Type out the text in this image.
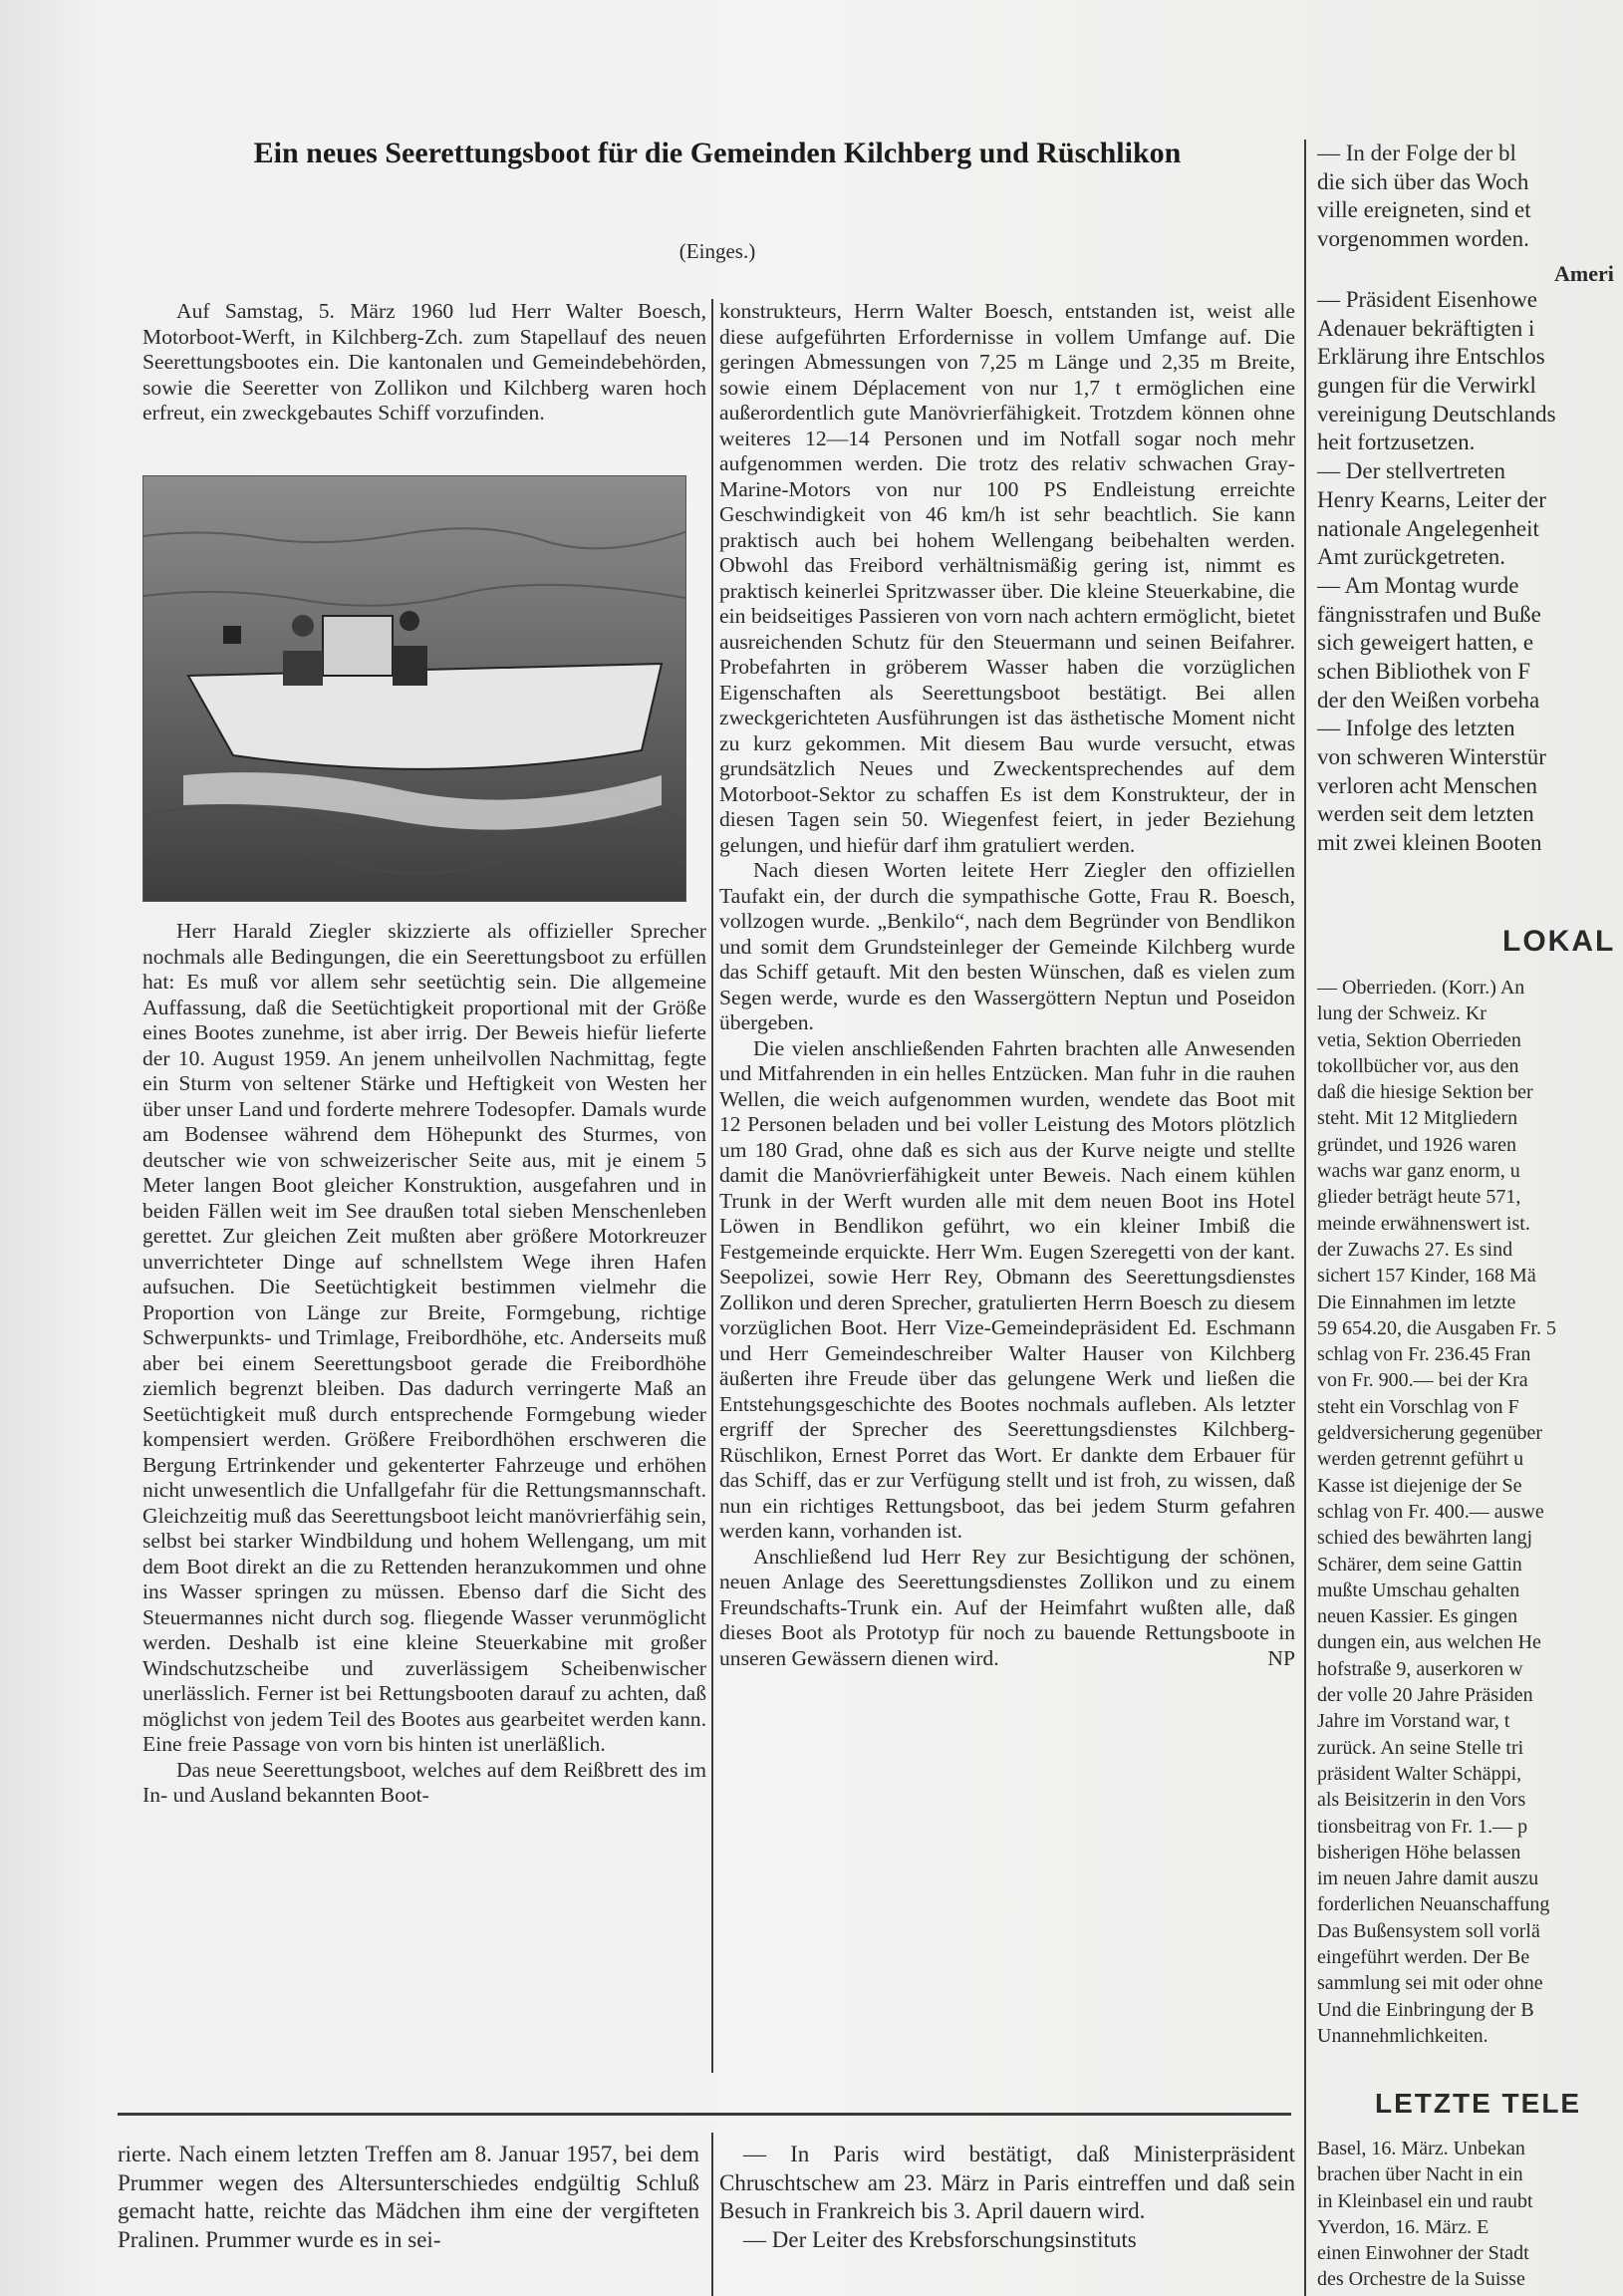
Ein neues Seerettungsboot für die Gemeinden Kilchberg und Rüschlikon
(Einges.)

Auf Samstag, 5. März 1960 lud Herr Walter Boesch, Motorboot-Werft, in Kilchberg-Zch. zum Stapellauf des neuen Seerettungsbootes ein. Die kantonalen und Gemeindebehörden, sowie die Seeretter von Zollikon und Kilchberg waren hoch erfreut, ein zweckgebautes Schiff vorzufinden.

Herr Harald Ziegler skizzierte als offizieller Sprecher nochmals alle Bedingungen, die ein Seerettungsboot zu erfüllen hat: Es muß vor allem sehr seetüchtig sein. Die allgemeine Auffassung, daß die Seetüchtigkeit proportional mit der Größe eines Bootes zunehme, ist aber irrig. Der Beweis hiefür lieferte der 10. August 1959. An jenem unheilvollen Nachmittag, fegte ein Sturm von seltener Stärke und Heftigkeit von Westen her über unser Land und forderte mehrere Todesopfer. Damals wurde am Bodensee während dem Höhepunkt des Sturmes, von deutscher wie von schweizerischer Seite aus, mit je einem 5 Meter langen Boot gleicher Konstruktion, ausgefahren und in beiden Fällen weit im See draußen total sieben Menschenleben gerettet. Zur gleichen Zeit mußten aber größere Motorkreuzer unverrichteter Dinge auf schnellstem Wege ihren Hafen aufsuchen. Die Seetüchtigkeit bestimmen vielmehr die Proportion von Länge zur Breite, Formgebung, richtige Schwerpunkts- und Trimlage, Freibordhöhe, etc. Anderseits muß aber bei einem Seerettungsboot gerade die Freibordhöhe ziemlich begrenzt bleiben. Das dadurch verringerte Maß an Seetüchtigkeit muß durch entsprechende Formgebung wieder kompensiert werden. Größere Freibordhöhen erschweren die Bergung Ertrinkender und gekenterter Fahrzeuge und erhöhen nicht unwesentlich die Unfallgefahr für die Rettungsmannschaft. Gleichzeitig muß das Seerettungsboot leicht manövrierfähig sein, selbst bei starker Windbildung und hohem Wellengang, um mit dem Boot direkt an die zu Rettenden heranzukommen und ohne ins Wasser springen zu müssen. Ebenso darf die Sicht des Steuermannes nicht durch sog. fliegende Wasser verunmöglicht werden. Deshalb ist eine kleine Steuerkabine mit großer Windschutzscheibe und zuverlässigem Scheibenwischer unerlässlich. Ferner ist bei Rettungsbooten darauf zu achten, daß möglichst von jedem Teil des Bootes aus gearbeitet werden kann. Eine freie Passage von vorn bis hinten ist unerläßlich.

Das neue Seerettungsboot, welches auf dem Reißbrett des im In- und Ausland bekannten Boot-

konstrukteurs, Herrn Walter Boesch, entstanden ist, weist alle diese aufgeführten Erfordernisse in vollem Umfange auf. Die geringen Abmessungen von 7,25 m Länge und 2,35 m Breite, sowie einem Déplacement von nur 1,7 t ermöglichen eine außerordentlich gute Manövrierfähigkeit. Trotzdem können ohne weiteres 12—14 Personen und im Notfall sogar noch mehr aufgenommen werden. Die trotz des relativ schwachen Gray-Marine-Motors von nur 100 PS Endleistung erreichte Geschwindigkeit von 46 km/h ist sehr beachtlich. Sie kann praktisch auch bei hohem Wellengang beibehalten werden. Obwohl das Freibord verhältnismäßig gering ist, nimmt es praktisch keinerlei Spritzwasser über. Die kleine Steuerkabine, die ein beidseitiges Passieren von vorn nach achtern ermöglicht, bietet ausreichenden Schutz für den Steuermann und seinen Beifahrer. Probefahrten in gröberem Wasser haben die vorzüglichen Eigenschaften als Seerettungsboot bestätigt. Bei allen zweckgerichteten Ausführungen ist das ästhetische Moment nicht zu kurz gekommen. Mit diesem Bau wurde versucht, etwas grundsätzlich Neues und Zweckentsprechendes auf dem Motorboot-Sektor zu schaffen Es ist dem Konstrukteur, der in diesen Tagen sein 50. Wiegenfest feiert, in jeder Beziehung gelungen, und hiefür darf ihm gratuliert werden.

Nach diesen Worten leitete Herr Ziegler den offiziellen Taufakt ein, der durch die sympathische Gotte, Frau R. Boesch, vollzogen wurde. „Benkilo“, nach dem Begründer von Bendlikon und somit dem Grundsteinleger der Gemeinde Kilchberg wurde das Schiff getauft. Mit den besten Wünschen, daß es vielen zum Segen werde, wurde es den Wassergöttern Neptun und Poseidon übergeben.

Die vielen anschließenden Fahrten brachten alle Anwesenden und Mitfahrenden in ein helles Entzücken. Man fuhr in die rauhen Wellen, die weich aufgenommen wurden, wendete das Boot mit 12 Personen beladen und bei voller Leistung des Motors plötzlich um 180 Grad, ohne daß es sich aus der Kurve neigte und stellte damit die Manövrierfähigkeit unter Beweis. Nach einem kühlen Trunk in der Werft wurden alle mit dem neuen Boot ins Hotel Löwen in Bendlikon geführt, wo ein kleiner Imbiß die Festgemeinde erquickte. Herr Wm. Eugen Szeregetti von der kant. Seepolizei, sowie Herr Rey, Obmann des Seerettungsdienstes Zollikon und deren Sprecher, gratulierten Herrn Boesch zu diesem vorzüglichen Boot. Herr Vize-Gemeindepräsident Ed. Eschmann und Herr Gemeindeschreiber Walter Hauser von Kilchberg äußerten ihre Freude über das gelungene Werk und ließen die Entstehungsgeschichte des Bootes nochmals aufleben. Als letzter ergriff der Sprecher des Seerettungsdienstes Kilchberg-Rüschlikon, Ernest Porret das Wort. Er dankte dem Erbauer für das Schiff, das er zur Verfügung stellt und ist froh, zu wissen, daß nun ein richtiges Rettungsboot, das bei jedem Sturm gefahren werden kann, vorhanden ist.

Anschließend lud Herr Rey zur Besichtigung der schönen, neuen Anlage des Seerettungsdienstes Zollikon und zu einem Freundschafts-Trunk ein. Auf der Heimfahrt wußten alle, daß dieses Boot als Prototyp für noch zu bauende Rettungsboote in unseren Gewässern dienen wird.	NP

— In der Folge der bl
die sich über das Woch
ville ereigneten, sind et
vorgenommen worden.
Ameri
— Präsident Eisenhowe
Adenauer bekräftigten i
Erklärung ihre Entschlos
gungen für die Verwirkl
vereinigung Deutschlands
heit fortzusetzen.
— Der stellvertreten
Henry Kearns, Leiter der
nationale Angelegenheit
Amt zurückgetreten.
— Am Montag wurde
fängnisstrafen und Buße
sich geweigert hatten, e
schen Bibliothek von F
der den Weißen vorbeha
— Infolge des letzten
von schweren Winterstür
verloren acht Menschen
werden seit dem letzten
mit zwei kleinen Booten
LOKAL
— Oberrieden. (Korr.) An
lung der Schweiz. Kr
vetia, Sektion Oberrieden
tokollbücher vor, aus den
daß die hiesige Sektion ber
steht. Mit 12 Mitgliedern
gründet, und 1926 waren
wachs war ganz enorm, u
glieder beträgt heute 571,
meinde erwähnenswert ist.
der Zuwachs 27. Es sind
sichert 157 Kinder, 168 Mä
Die Einnahmen im letzte
59 654.20, die Ausgaben Fr. 5
schlag von Fr. 236.45 Fran
von Fr. 900.— bei der Kra
steht ein Vorschlag von F
geldversicherung gegenüber
werden getrennt geführt u
Kasse ist diejenige der Se
schlag von Fr. 400.— auswe
schied des bewährten langj
Schärer, dem seine Gattin
mußte Umschau gehalten
neuen Kassier. Es gingen
dungen ein, aus welchen He
hofstraße 9, auserkoren w
der volle 20 Jahre Präsiden
Jahre im Vorstand war, t
zurück. An seine Stelle tri
präsident Walter Schäppi,
als Beisitzerin in den Vors
tionsbeitrag von Fr. 1.— p
bisherigen Höhe belassen
im neuen Jahre damit auszu
forderlichen Neuanschaffung
Das Bußensystem soll vorlä
eingeführt werden. Der Be
sammlung sei mit oder ohne
Und die Einbringung der B
Unannehmlichkeiten.
LETZTE TELE
Basel, 16. März. Unbekan
brachen über Nacht in ein
in Kleinbasel ein und raubt
Yverdon, 16. März. E
einen Einwohner der Stadt
des Orchestre de la Suisse

rierte. Nach einem letzten Treffen am 8. Januar 1957, bei dem Prummer wegen des Altersunterschiedes endgültig Schluß gemacht hatte, reichte das Mädchen ihm eine der vergifteten Pralinen. Prummer wurde es in sei-

— In Paris wird bestätigt, daß Ministerpräsident Chruschtschew am 23. März in Paris eintreffen und daß sein Besuch in Frankreich bis 3. April dauern wird.

— Der Leiter des Krebsforschungsinstituts
